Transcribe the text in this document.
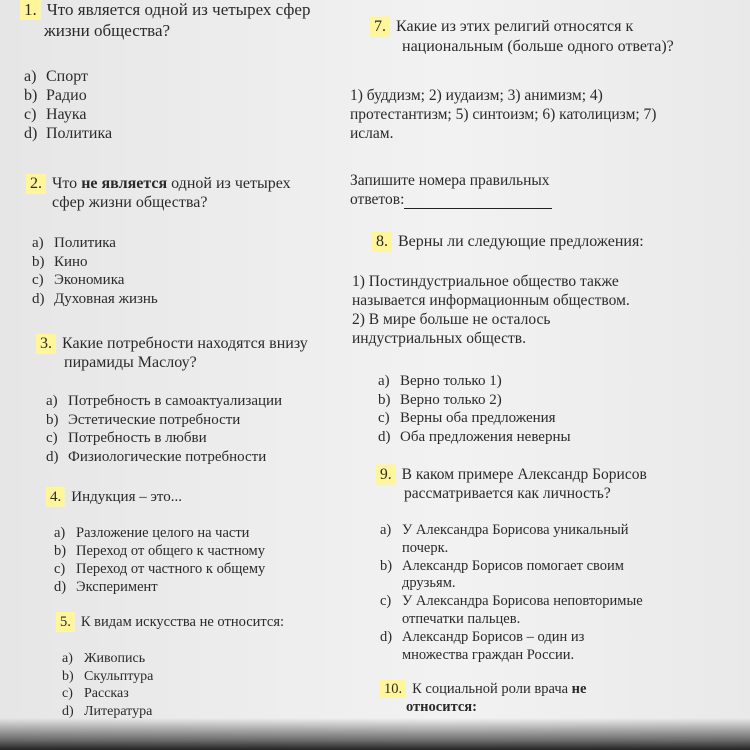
1. Что является одной из четырех сфер
жизни общества?
a) Спорт
b) Радио
c) Наука
d) Политика
2. Что не является одной из четырех
сфер жизни общества?
a) Политика
b) Кино
c) Экономика
d) Духовная жизнь
3. Какие потребности находятся внизу
пирамиды Маслоу?
a) Потребность в самоактуализации
b) Эстетические потребности
c) Потребность в любви
d) Физиологические потребности
4. Индукция – это...
a) Разложение целого на части
b) Переход от общего к частному
c) Переход от частного к общему
d) Эксперимент
5. К видам искусства не относится:
a) Живопись
b) Скульптура
c) Рассказ
d) Литература
7. Какие из этих религий относятся к
национальным (больше одного ответа)?
1) буддизм; 2) иудаизм; 3) анимизм; 4)
протестантизм; 5) синтоизм; 6) католицизм; 7)
ислам.
Запишите номера правильных
ответов:
8. Верны ли следующие предложения:
1) Постиндустриальное общество также
называется информационным обществом.
2) В мире больше не осталось
индустриальных обществ.
a) Верно только 1)
b) Верно только 2)
c) Верны оба предложения
d) Оба предложения неверны
9. В каком примере Александр Борисов
рассматривается как личность?
a) У Александра Борисова уникальный
почерк.
b) Александр Борисов помогает своим
друзьям.
c) У Александра Борисова неповторимые
отпечатки пальцев.
d) Александр Борисов – один из
множества граждан России.
10. К социальной роли врача не
относится:
